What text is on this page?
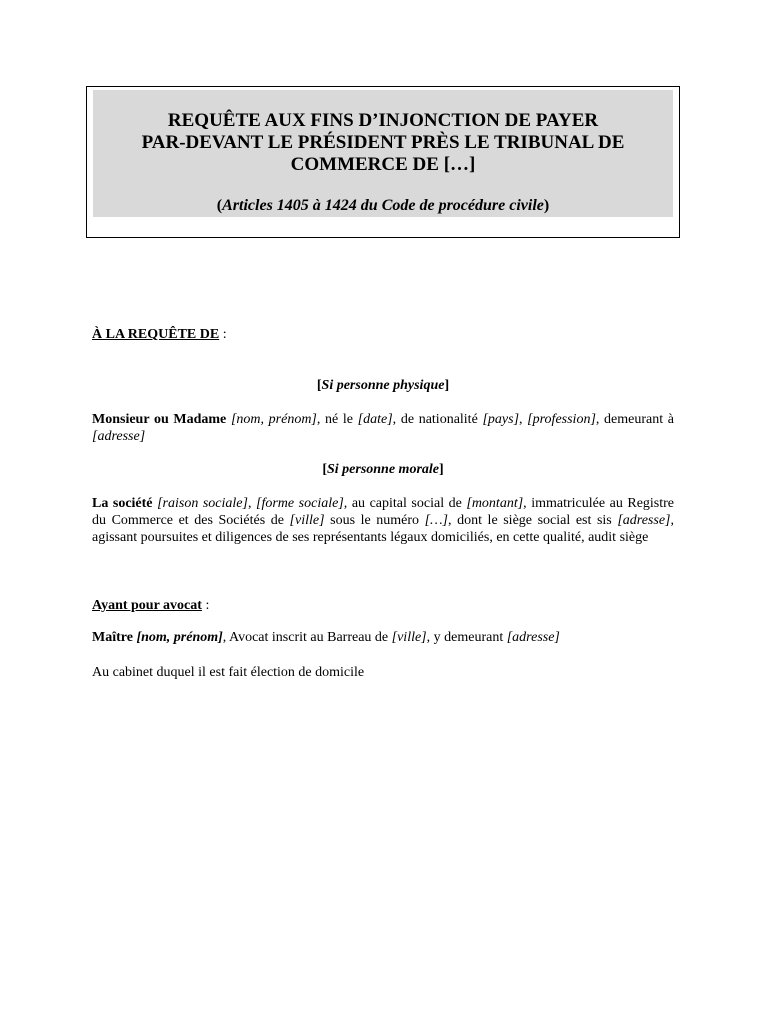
REQUÊTE AUX FINS D’INJONCTION DE PAYER
PAR-DEVANT LE PRÉSIDENT PRÈS LE TRIBUNAL DE
COMMERCE DE […]
(Articles 1405 à 1424 du Code de procédure civile)
À LA REQUÊTE DE :
[Si personne physique]
Monsieur ou Madame [nom, prénom], né le [date], de nationalité [pays], [profession], demeurant à [adresse]
[Si personne morale]
La société [raison sociale], [forme sociale], au capital social de [montant], immatriculée au Registre du Commerce et des Sociétés de [ville] sous le numéro […], dont le siège social est sis [adresse], agissant poursuites et diligences de ses représentants légaux domiciliés, en cette qualité, audit siège
Ayant pour avocat :
Maître [nom, prénom], Avocat inscrit au Barreau de [ville], y demeurant [adresse]
Au cabinet duquel il est fait élection de domicile
